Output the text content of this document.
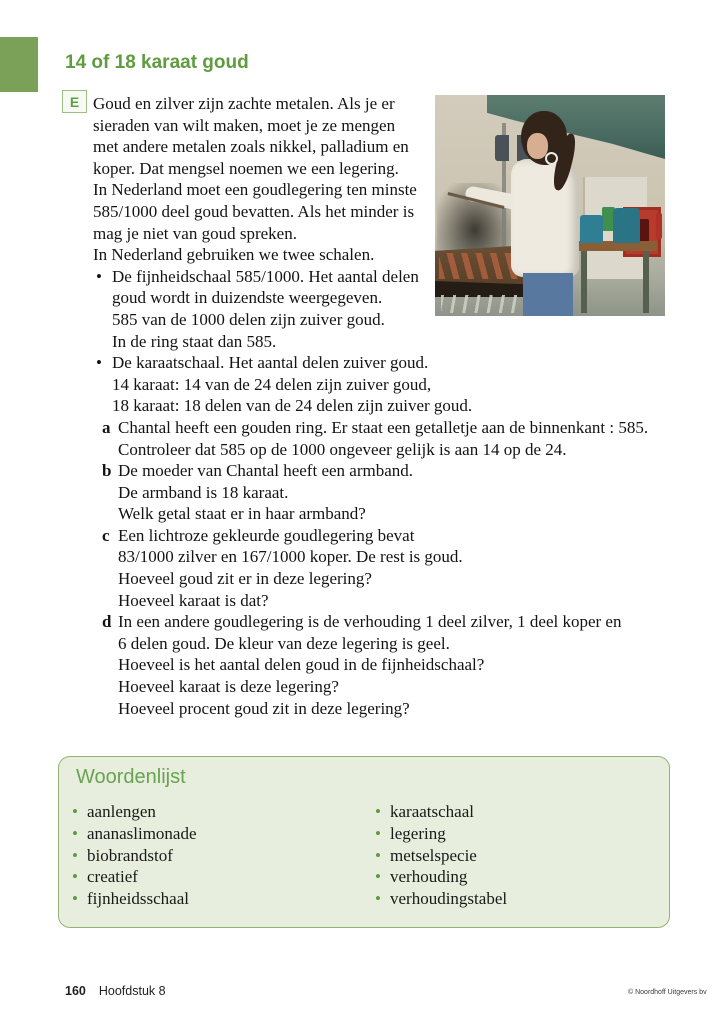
14 of 18 karaat goud
E Goud en zilver zijn zachte metalen. Als je er
sieraden van wilt maken, moet je ze mengen
met andere metalen zoals nikkel, palladium en
koper. Dat mengsel noemen we een legering.
In Nederland moet een goudlegering ten minste
585/1000 deel goud bevatten. Als het minder is
mag je niet van goud spreken.
In Nederland gebruiken we twee schalen.
• De fijnheidschaal 585/1000. Het aantal delen
goud wordt in duizendste weergegeven.
585 van de 1000 delen zijn zuiver goud.
In de ring staat dan 585.
• De karaatschaal. Het aantal delen zuiver goud.
14 karaat: 14 van de 24 delen zijn zuiver goud,
18 karaat: 18 delen van de 24 delen zijn zuiver goud.
a Chantal heeft een gouden ring. Er staat een getalletje aan de binnenkant : 585.
Controleer dat 585 op de 1000 ongeveer gelijk is aan 14 op de 24.
b De moeder van Chantal heeft een armband.
De armband is 18 karaat.
Welk getal staat er in haar armband?
c Een lichtroze gekleurde goudlegering bevat
83/1000 zilver en 167/1000 koper. De rest is goud.
Hoeveel goud zit er in deze legering?
Hoeveel karaat is dat?
d In een andere goudlegering is de verhouding 1 deel zilver, 1 deel koper en
6 delen goud. De kleur van deze legering is geel.
Hoeveel is het aantal delen goud in de fijnheidschaal?
Hoeveel karaat is deze legering?
Hoeveel procent goud zit in deze legering?
Woordenlijst
• aanlengen
• ananaslimonade
• biobrandstof
• creatief
• fijnheidsschaal
• karaatschaal
• legering
• metselspecie
• verhouding
• verhoudingstabel
160 Hoofdstuk 8	© Noordhoff Uitgevers bv
